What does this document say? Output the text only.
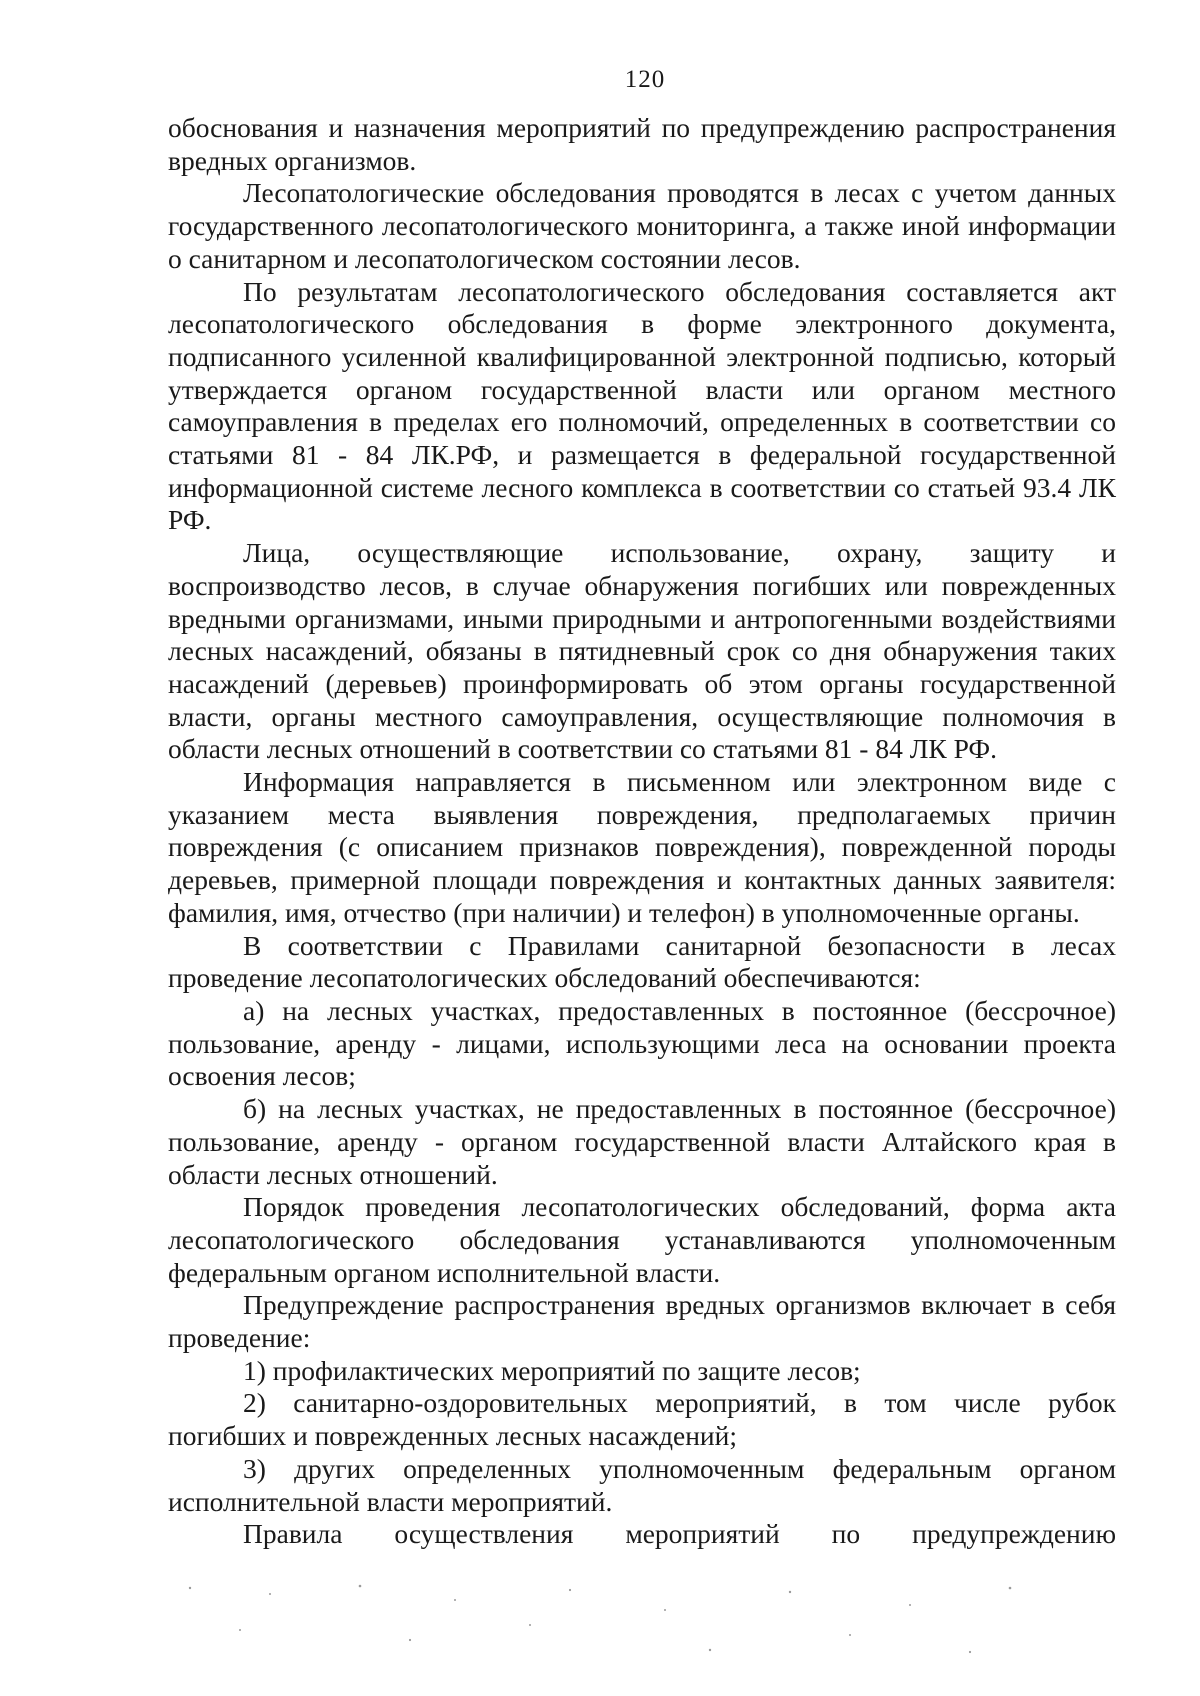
120

обоснования и назначения мероприятий по предупреждению распространения вредных организмов.

Лесопатологические обследования проводятся в лесах с учетом данных государственного лесопатологического мониторинга, а также иной информации о санитарном и лесопатологическом состоянии лесов.

По результатам лесопатологического обследования составляется акт лесопатологического обследования в форме электронного документа, подписанного усиленной квалифицированной электронной подписью, который утверждается органом государственной власти или органом местного самоуправления в пределах его полномочий, определенных в соответствии со статьями 81 - 84 ЛК.РФ, и размещается в федеральной государственной информационной системе лесного комплекса в соответствии со статьей 93.4 ЛК РФ.

Лица, осуществляющие использование, охрану, защиту и воспроизводство лесов, в случае обнаружения погибших или поврежденных вредными организмами, иными природными и антропогенными воздействиями лесных насаждений, обязаны в пятидневный срок со дня обнаружения таких насаждений (деревьев) проинформировать об этом органы государственной власти, органы местного самоуправления, осуществляющие полномочия в области лесных отношений в соответствии со статьями 81 - 84 ЛК РФ.

Информация направляется в письменном или электронном виде с указанием места выявления повреждения, предполагаемых причин повреждения (с описанием признаков повреждения), поврежденной породы деревьев, примерной площади повреждения и контактных данных заявителя: фамилия, имя, отчество (при наличии) и телефон) в уполномоченные органы.

В соответствии с Правилами санитарной безопасности в лесах проведение лесопатологических обследований обеспечиваются:

а) на лесных участках, предоставленных в постоянное (бессрочное) пользование, аренду - лицами, использующими леса на основании проекта освоения лесов;

б) на лесных участках, не предоставленных в постоянное (бессрочное) пользование, аренду - органом государственной власти Алтайского края в области лесных отношений.

Порядок проведения лесопатологических обследований, форма акта лесопатологического обследования устанавливаются уполномоченным федеральным органом исполнительной власти.

Предупреждение распространения вредных организмов включает в себя проведение:

1) профилактических мероприятий по защите лесов;

2) санитарно-оздоровительных мероприятий, в том числе рубок погибших и поврежденных лесных насаждений;

3) других определенных уполномоченным федеральным органом исполнительной власти мероприятий.

Правила осуществления мероприятий по предупреждению
